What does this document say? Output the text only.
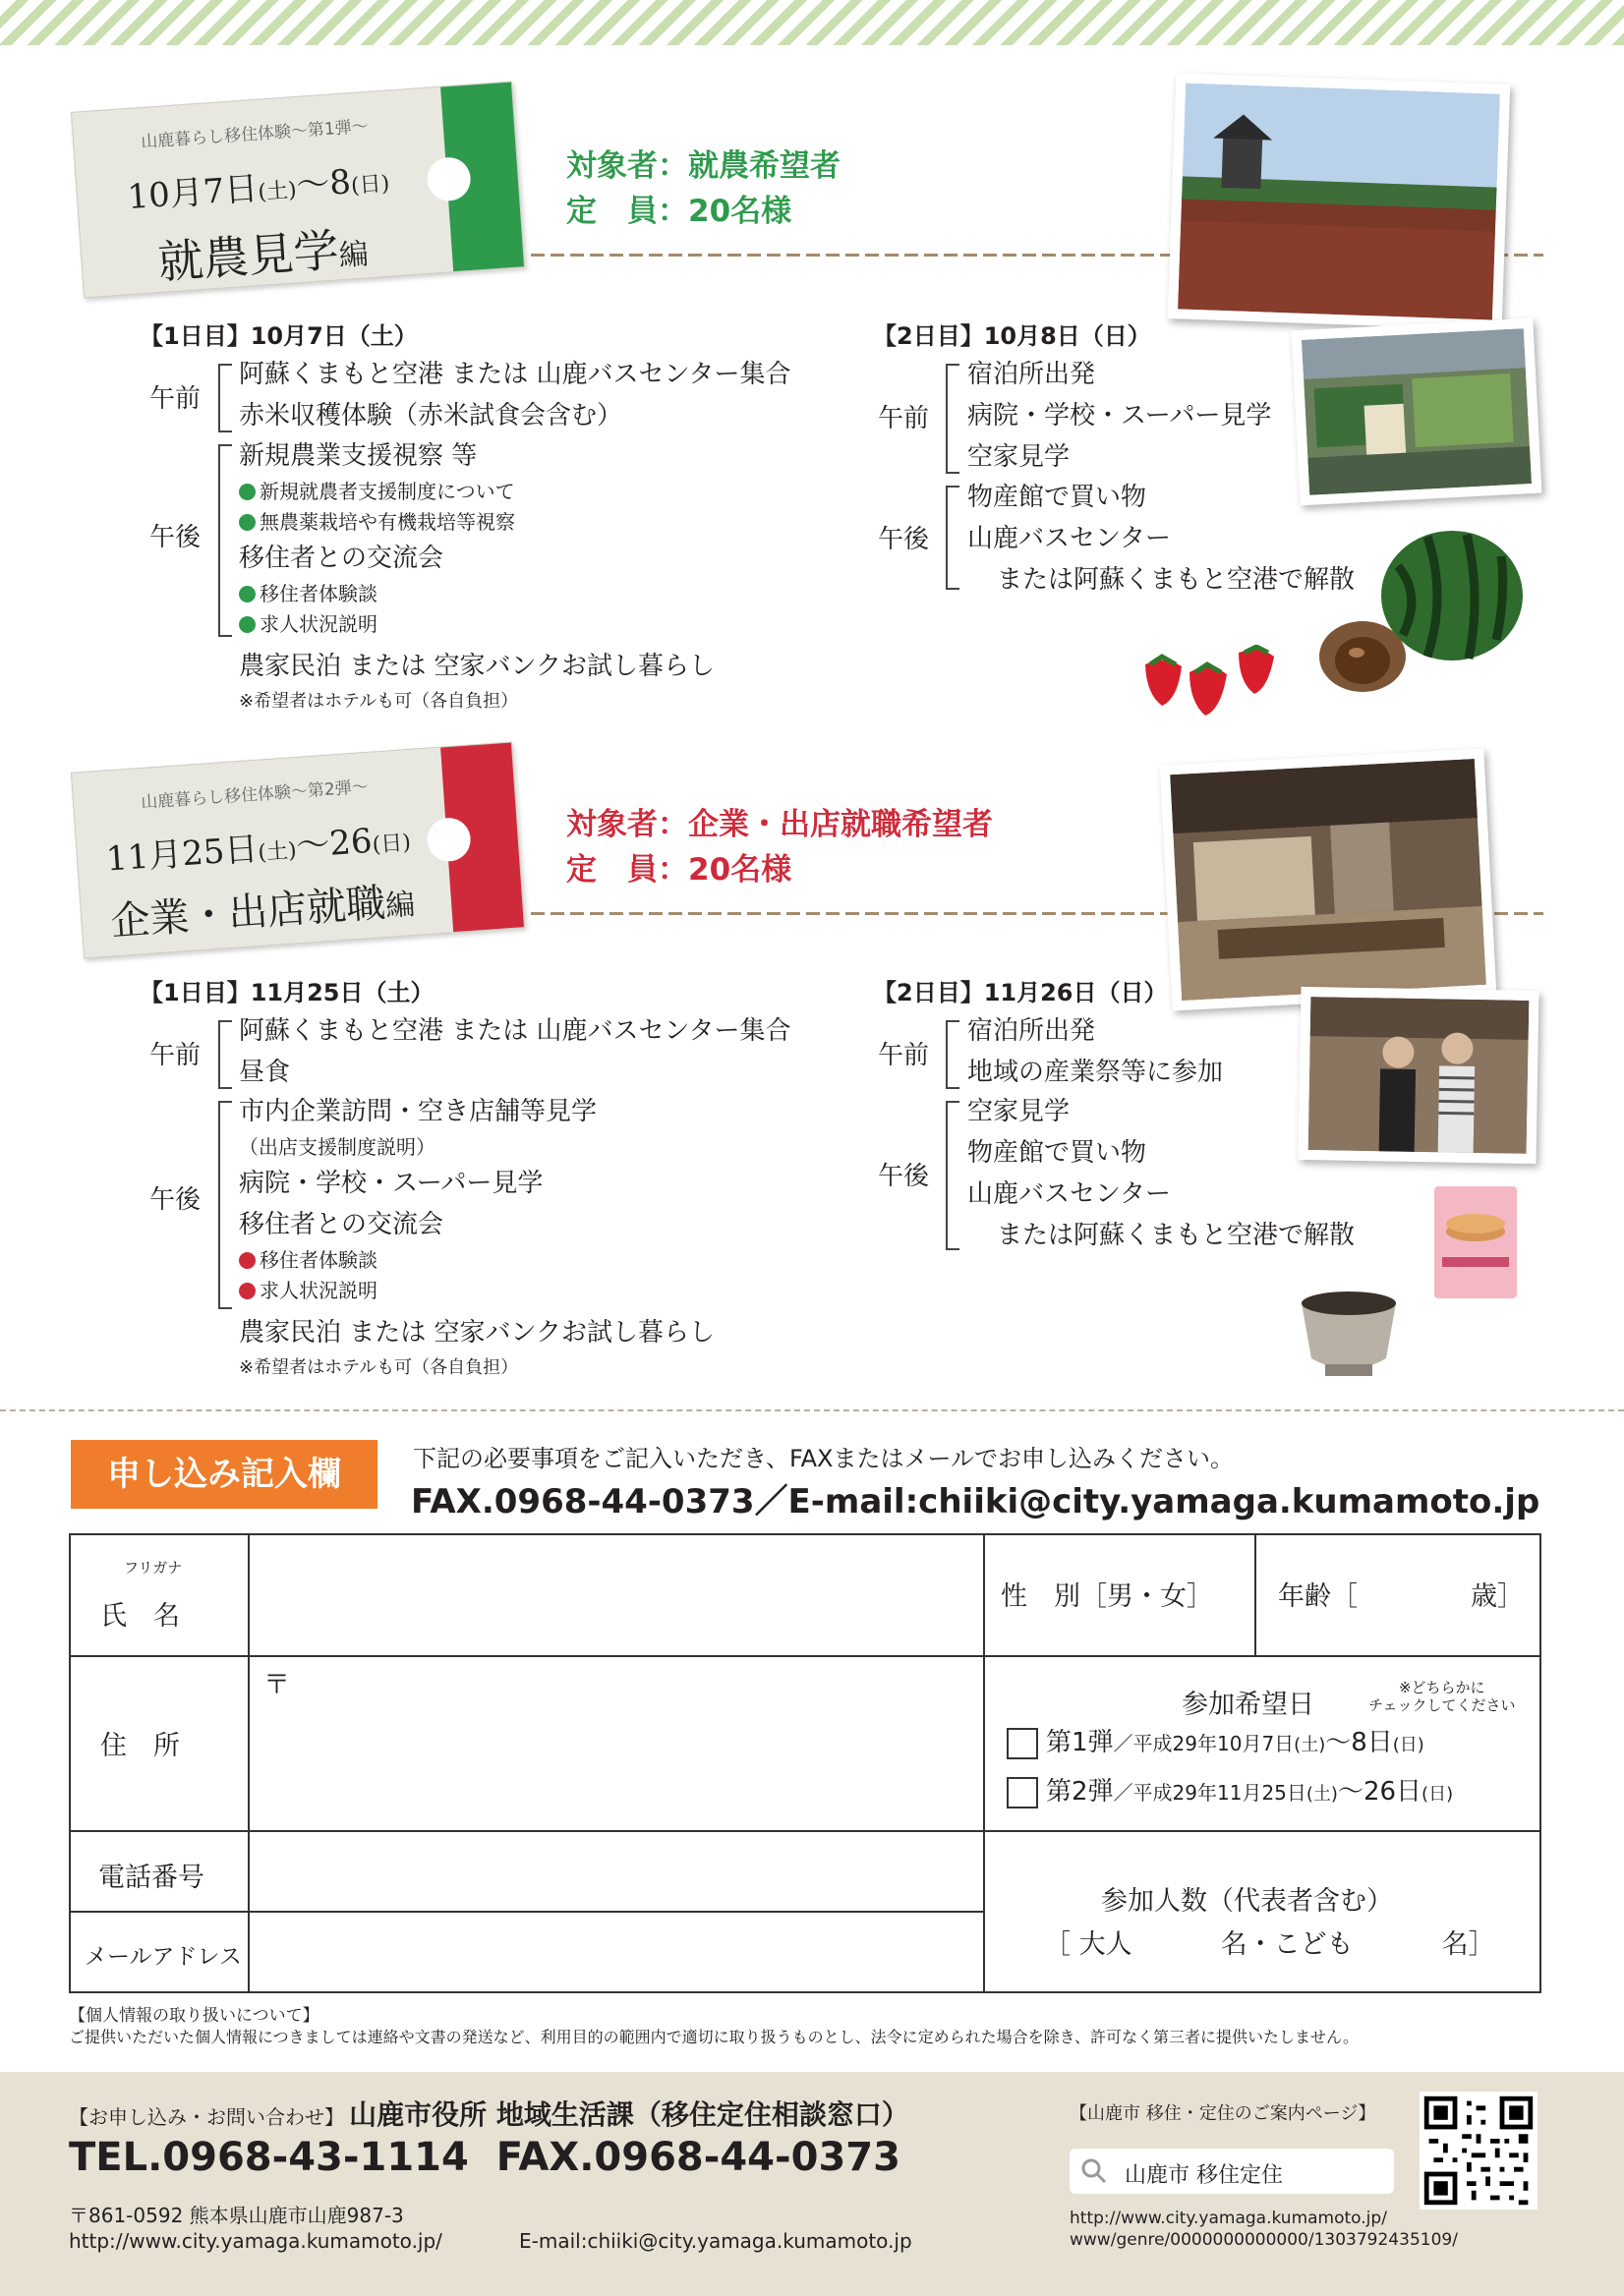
山鹿暮らし移住体験〜第1弾〜
10月7日(土)〜8(日)
就農見学編
対象者：就農希望者
定　員：20名様
【1日目】10月7日（土）
午前
阿蘇くまもと空港 または 山鹿バスセンター集合
赤米収穫体験（赤米試食会含む）
午後
新規農業支援視察 等
新規就農者支援制度について
無農薬栽培や有機栽培等視察
移住者との交流会
移住者体験談
求人状況説明
農家民泊 または 空家バンクお試し暮らし
※希望者はホテルも可（各自負担）
【2日目】10月8日（日）
午前
宿泊所出発
病院・学校・スーパー見学
空家見学
午後
物産館で買い物
山鹿バスセンター
または阿蘇くまもと空港で解散
山鹿暮らし移住体験〜第2弾〜
11月25日(土)〜26(日)
企業・出店就職編
対象者：企業・出店就職希望者
定　員：20名様
【1日目】11月25日（土）
午前
阿蘇くまもと空港 または 山鹿バスセンター集合
昼食
午後
市内企業訪問・空き店舗等見学
（出店支援制度説明）
病院・学校・スーパー見学
移住者との交流会
移住者体験談
求人状況説明
農家民泊 または 空家バンクお試し暮らし
※希望者はホテルも可（各自負担）
【2日目】11月26日（日）
午前
宿泊所出発
地域の産業祭等に参加
午後
空家見学
物産館で買い物
山鹿バスセンター
または阿蘇くまもと空港で解散
申し込み記入欄	下記の必要事項をご記入いただき、FAXまたはメールでお申し込みください。
FAX.0968-44-0373／E-mail:chiiki@city.yamaga.kumamoto.jp
フリガナ
氏　名
性　別［男・女］ 年齢［	歳］
住　所
〒
参加希望日
※どちらかに
チェックしてください
第1弾／平成29年10月7日(土)〜8日(日)
第2弾／平成29年11月25日(土)〜26日(日)
電話番号
メールアドレス
参加人数（代表者含む）
［ 大人	名・こども	名］
【個人情報の取り扱いについて】
ご提供いただいた個人情報につきましては連絡や文書の発送など、利用目的の範囲内で適切に取り扱うものとし、法令に定められた場合を除き、許可なく第三者に提供いたしません。
【お申し込み・お問い合わせ】 山鹿市役所 地域生活課（移住定住相談窓口）
TEL.0968-43-1114 FAX.0968-44-0373
〒861-0592 熊本県山鹿市山鹿987-3
http://www.city.yamaga.kumamoto.jp/	E-mail:chiiki@city.yamaga.kumamoto.jp
【山鹿市 移住・定住のご案内ページ】
山鹿市 移住定住
http://www.city.yamaga.kumamoto.jp/
www/genre/0000000000000/1303792435109/
